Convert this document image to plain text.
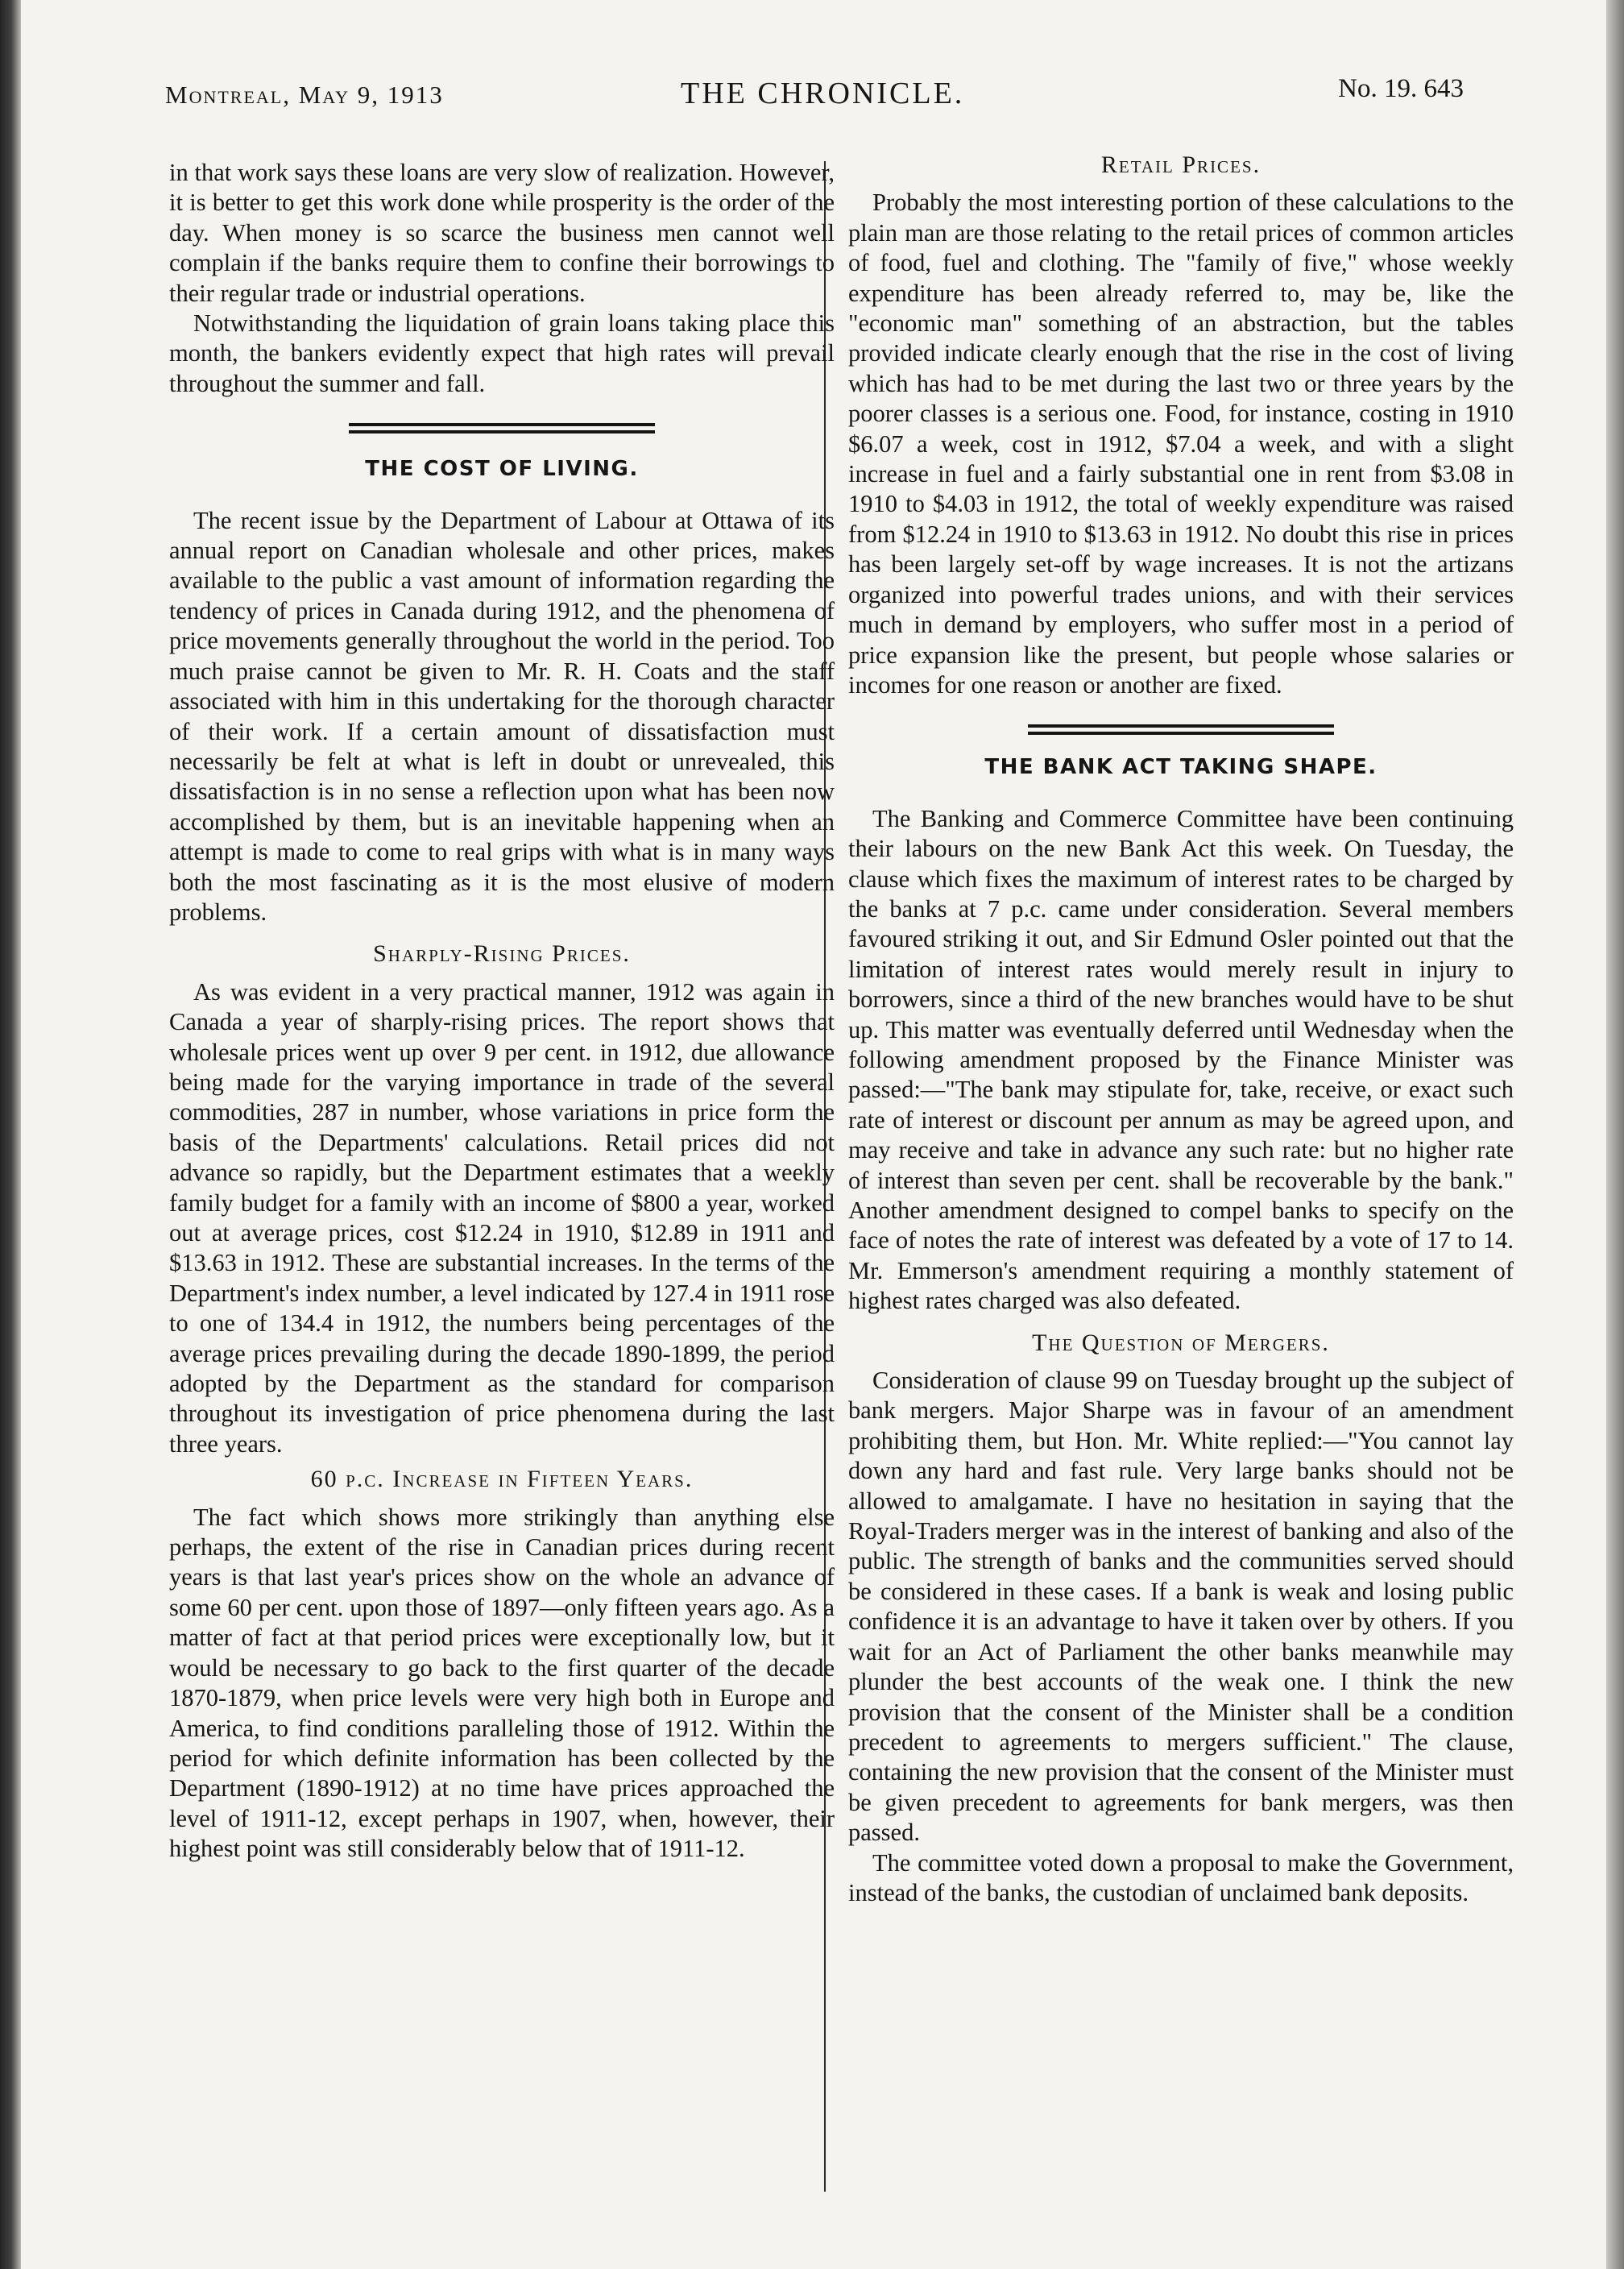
Montreal, May 9, 1913	THE CHRONICLE.	No. 19. 643

in that work says these loans are very slow of realization. However, it is better to get this work done while prosperity is the order of the day. When money is so scarce the business men cannot well complain if the banks require them to confine their borrowings to their regular trade or industrial operations.

Notwithstanding the liquidation of grain loans taking place this month, the bankers evidently expect that high rates will prevail throughout the summer and fall.

THE COST OF LIVING.

The recent issue by the Department of Labour at Ottawa of its annual report on Canadian wholesale and other prices, makes available to the public a vast amount of information regarding the tendency of prices in Canada during 1912, and the phenomena of price movements generally throughout the world in the period. Too much praise cannot be given to Mr. R. H. Coats and the staff associated with him in this undertaking for the thorough character of their work. If a certain amount of dissatisfaction must necessarily be felt at what is left in doubt or unrevealed, this dissatisfaction is in no sense a reflection upon what has been now accomplished by them, but is an inevitable happening when an attempt is made to come to real grips with what is in many ways both the most fascinating as it is the most elusive of modern problems.

Sharply-Rising Prices.

As was evident in a very practical manner, 1912 was again in Canada a year of sharply-rising prices. The report shows that wholesale prices went up over 9 per cent. in 1912, due allowance being made for the varying importance in trade of the several commodities, 287 in number, whose variations in price form the basis of the Departments' calculations. Retail prices did not advance so rapidly, but the Department estimates that a weekly family budget for a family with an income of $800 a year, worked out at average prices, cost $12.24 in 1910, $12.89 in 1911 and $13.63 in 1912. These are substantial increases. In the terms of the Department's index number, a level indicated by 127.4 in 1911 rose to one of 134.4 in 1912, the numbers being percentages of the average prices prevailing during the decade 1890-1899, the period adopted by the Department as the standard for comparison throughout its investigation of price phenomena during the last three years.

60 p.c. Increase in Fifteen Years.

The fact which shows more strikingly than anything else perhaps, the extent of the rise in Canadian prices during recent years is that last year's prices show on the whole an advance of some 60 per cent. upon those of 1897—only fifteen years ago. As a matter of fact at that period prices were exceptionally low, but it would be necessary to go back to the first quarter of the decade 1870-1879, when price levels were very high both in Europe and America, to find conditions paralleling those of 1912. Within the period for which definite information has been collected by the Department (1890-1912) at no time have prices approached the level of 1911-12, except perhaps in 1907, when, however, their highest point was still considerably below that of 1911-12.

Retail Prices.

Probably the most interesting portion of these calculations to the plain man are those relating to the retail prices of common articles of food, fuel and clothing. The "family of five," whose weekly expenditure has been already referred to, may be, like the "economic man" something of an abstraction, but the tables provided indicate clearly enough that the rise in the cost of living which has had to be met during the last two or three years by the poorer classes is a serious one. Food, for instance, costing in 1910 $6.07 a week, cost in 1912, $7.04 a week, and with a slight increase in fuel and a fairly substantial one in rent from $3.08 in 1910 to $4.03 in 1912, the total of weekly expenditure was raised from $12.24 in 1910 to $13.63 in 1912. No doubt this rise in prices has been largely set-off by wage increases. It is not the artizans organized into powerful trades unions, and with their services much in demand by employers, who suffer most in a period of price expansion like the present, but people whose salaries or incomes for one reason or another are fixed.

THE BANK ACT TAKING SHAPE.

The Banking and Commerce Committee have been continuing their labours on the new Bank Act this week. On Tuesday, the clause which fixes the maximum of interest rates to be charged by the banks at 7 p.c. came under consideration. Several members favoured striking it out, and Sir Edmund Osler pointed out that the limitation of interest rates would merely result in injury to borrowers, since a third of the new branches would have to be shut up. This matter was eventually deferred until Wednesday when the following amendment proposed by the Finance Minister was passed:—"The bank may stipulate for, take, receive, or exact such rate of interest or discount per annum as may be agreed upon, and may receive and take in advance any such rate: but no higher rate of interest than seven per cent. shall be recoverable by the bank." Another amendment designed to compel banks to specify on the face of notes the rate of interest was defeated by a vote of 17 to 14. Mr. Emmerson's amendment requiring a monthly statement of highest rates charged was also defeated.

The Question of Mergers.

Consideration of clause 99 on Tuesday brought up the subject of bank mergers. Major Sharpe was in favour of an amendment prohibiting them, but Hon. Mr. White replied:—"You cannot lay down any hard and fast rule. Very large banks should not be allowed to amalgamate. I have no hesitation in saying that the Royal-Traders merger was in the interest of banking and also of the public. The strength of banks and the communities served should be considered in these cases. If a bank is weak and losing public confidence it is an advantage to have it taken over by others. If you wait for an Act of Parliament the other banks meanwhile may plunder the best accounts of the weak one. I think the new provision that the consent of the Minister shall be a condition precedent to agreements to mergers sufficient." The clause, containing the new provision that the consent of the Minister must be given precedent to agreements for bank mergers, was then passed.

The committee voted down a proposal to make the Government, instead of the banks, the custodian of unclaimed bank deposits.
